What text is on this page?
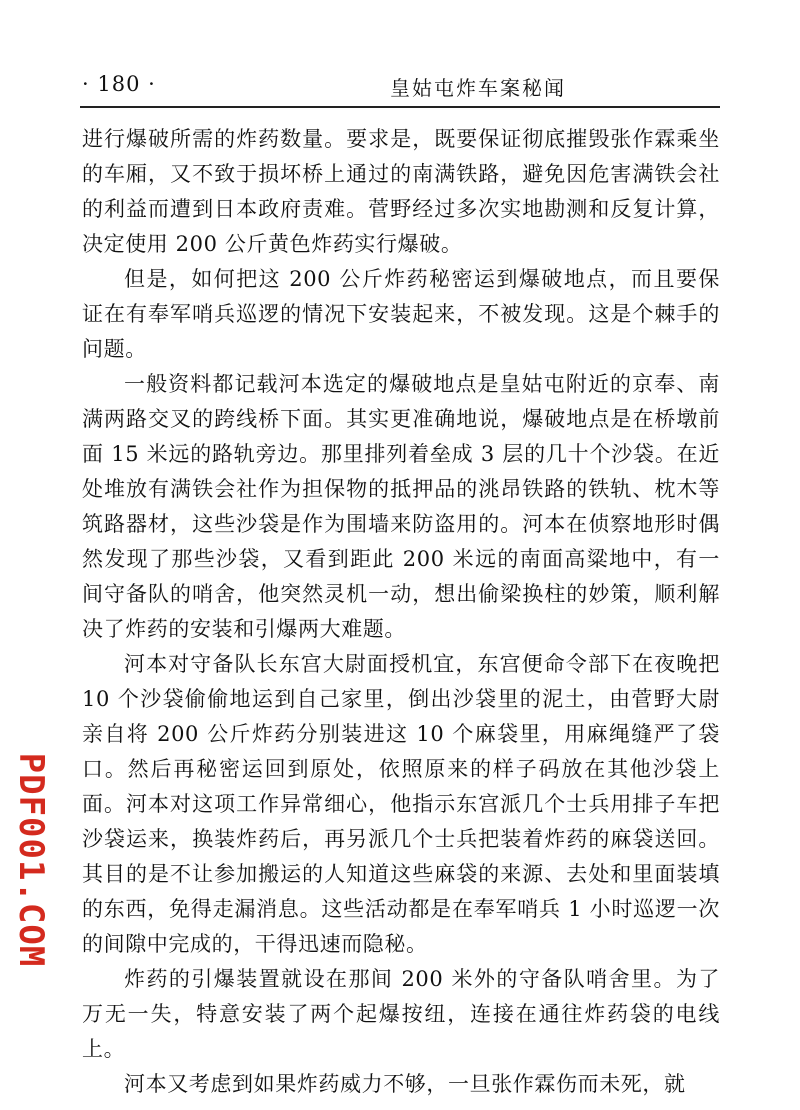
· 180 ·	皇姑屯炸车案秘闻

进行爆破所需的炸药数量。要求是，既要保证彻底摧毁张作霖乘坐的车厢，又不致于损坏桥上通过的南满铁路，避免因危害满铁会社的利益而遭到日本政府责难。菅野经过多次实地勘测和反复计算，决定使用 200 公斤黄色炸药实行爆破。

但是，如何把这 200 公斤炸药秘密运到爆破地点，而且要保证在有奉军哨兵巡逻的情况下安装起来，不被发现。这是个棘手的问题。

一般资料都记载河本选定的爆破地点是皇姑屯附近的京奉、南满两路交叉的跨线桥下面。其实更准确地说，爆破地点是在桥墩前面 15 米远的路轨旁边。那里排列着垒成 3 层的几十个沙袋。在近处堆放有满铁会社作为担保物的抵押品的洮昂铁路的铁轨、枕木等筑路器材，这些沙袋是作为围墙来防盗用的。河本在侦察地形时偶然发现了那些沙袋，又看到距此 200 米远的南面高粱地中，有一间守备队的哨舍，他突然灵机一动，想出偷梁换柱的妙策，顺利解决了炸药的安装和引爆两大难题。

河本对守备队长东宫大尉面授机宜，东宫便命令部下在夜晚把 10 个沙袋偷偷地运到自己家里，倒出沙袋里的泥土，由菅野大尉亲自将 200 公斤炸药分别装进这 10 个麻袋里，用麻绳缝严了袋口。然后再秘密运回到原处，依照原来的样子码放在其他沙袋上面。河本对这项工作异常细心，他指示东宫派几个士兵用排子车把沙袋运来，换装炸药后，再另派几个士兵把装着炸药的麻袋送回。其目的是不让参加搬运的人知道这些麻袋的来源、去处和里面装填的东西，免得走漏消息。这些活动都是在奉军哨兵 1 小时巡逻一次的间隙中完成的，干得迅速而隐秘。

炸药的引爆装置就设在那间 200 米外的守备队哨舍里。为了万无一失，特意安装了两个起爆按纽，连接在通往炸药袋的电线上。

河本又考虑到如果炸药威力不够，一旦张作霖伤而未死，就

PDF001.COM
